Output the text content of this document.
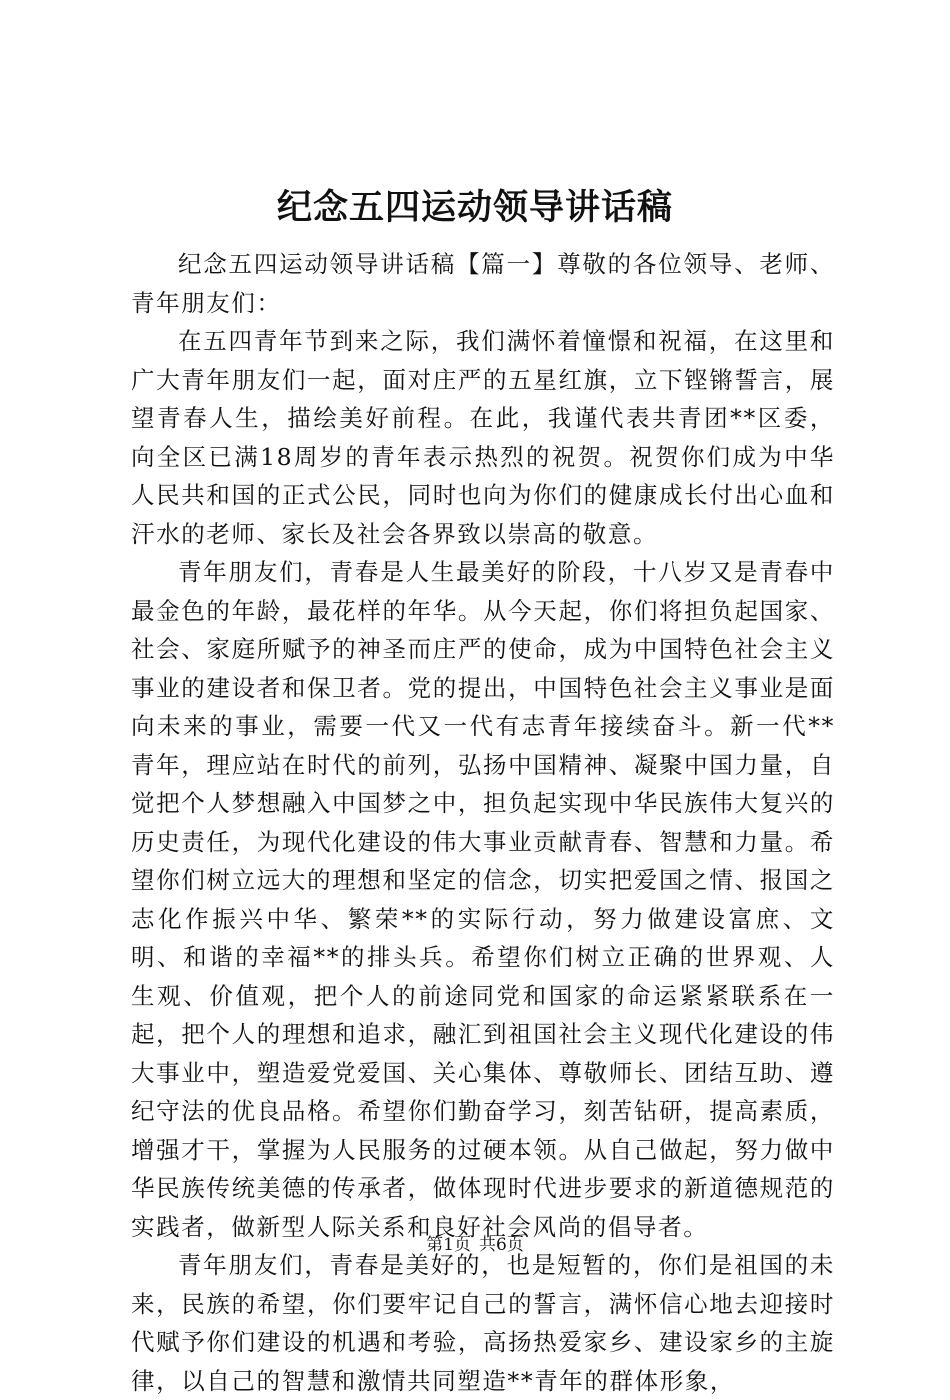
纪念五四运动领导讲话稿

纪念五四运动领导讲话稿【篇一】尊敬的各位领导、老师、青年朋友们：

在五四青年节到来之际，我们满怀着憧憬和祝福，在这里和广大青年朋友们一起，面对庄严的五星红旗，立下铿锵誓言，展望青春人生，描绘美好前程。在此，我谨代表共青团**区委，向全区已满18周岁的青年表示热烈的祝贺。祝贺你们成为中华人民共和国的正式公民，同时也向为你们的健康成长付出心血和汗水的老师、家长及社会各界致以崇高的敬意。

青年朋友们，青春是人生最美好的阶段，十八岁又是青春中最金色的年龄，最花样的年华。从今天起，你们将担负起国家、社会、家庭所赋予的神圣而庄严的使命，成为中国特色社会主义事业的建设者和保卫者。党的提出，中国特色社会主义事业是面向未来的事业，需要一代又一代有志青年接续奋斗。新一代**青年，理应站在时代的前列，弘扬中国精神、凝聚中国力量，自觉把个人梦想融入中国梦之中，担负起实现中华民族伟大复兴的历史责任，为现代化建设的伟大事业贡献青春、智慧和力量。希望你们树立远大的理想和坚定的信念，切实把爱国之情、报国之志化作振兴中华、繁荣**的实际行动，努力做建设富庶、文明、和谐的幸福**的排头兵。希望你们树立正确的世界观、人生观、价值观，把个人的前途同党和国家的命运紧紧联系在一起，把个人的理想和追求，融汇到祖国社会主义现代化建设的伟大事业中，塑造爱党爱国、关心集体、尊敬师长、团结互助、遵纪守法的优良品格。希望你们勤奋学习，刻苦钻研，提高素质，增强才干，掌握为人民服务的过硬本领。从自己做起，努力做中华民族传统美德的传承者，做体现时代进步要求的新道德规范的实践者，做新型人际关系和良好社会风尚的倡导者。

青年朋友们，青春是美好的，也是短暂的，你们是祖国的未来，民族的希望，你们要牢记自己的誓言，满怀信心地去迎接时代赋予你们建设的机遇和考验，高扬热爱家乡、建设家乡的主旋律，以自己的智慧和激情共同塑造**青年的群体形象，

第1页 共6页
